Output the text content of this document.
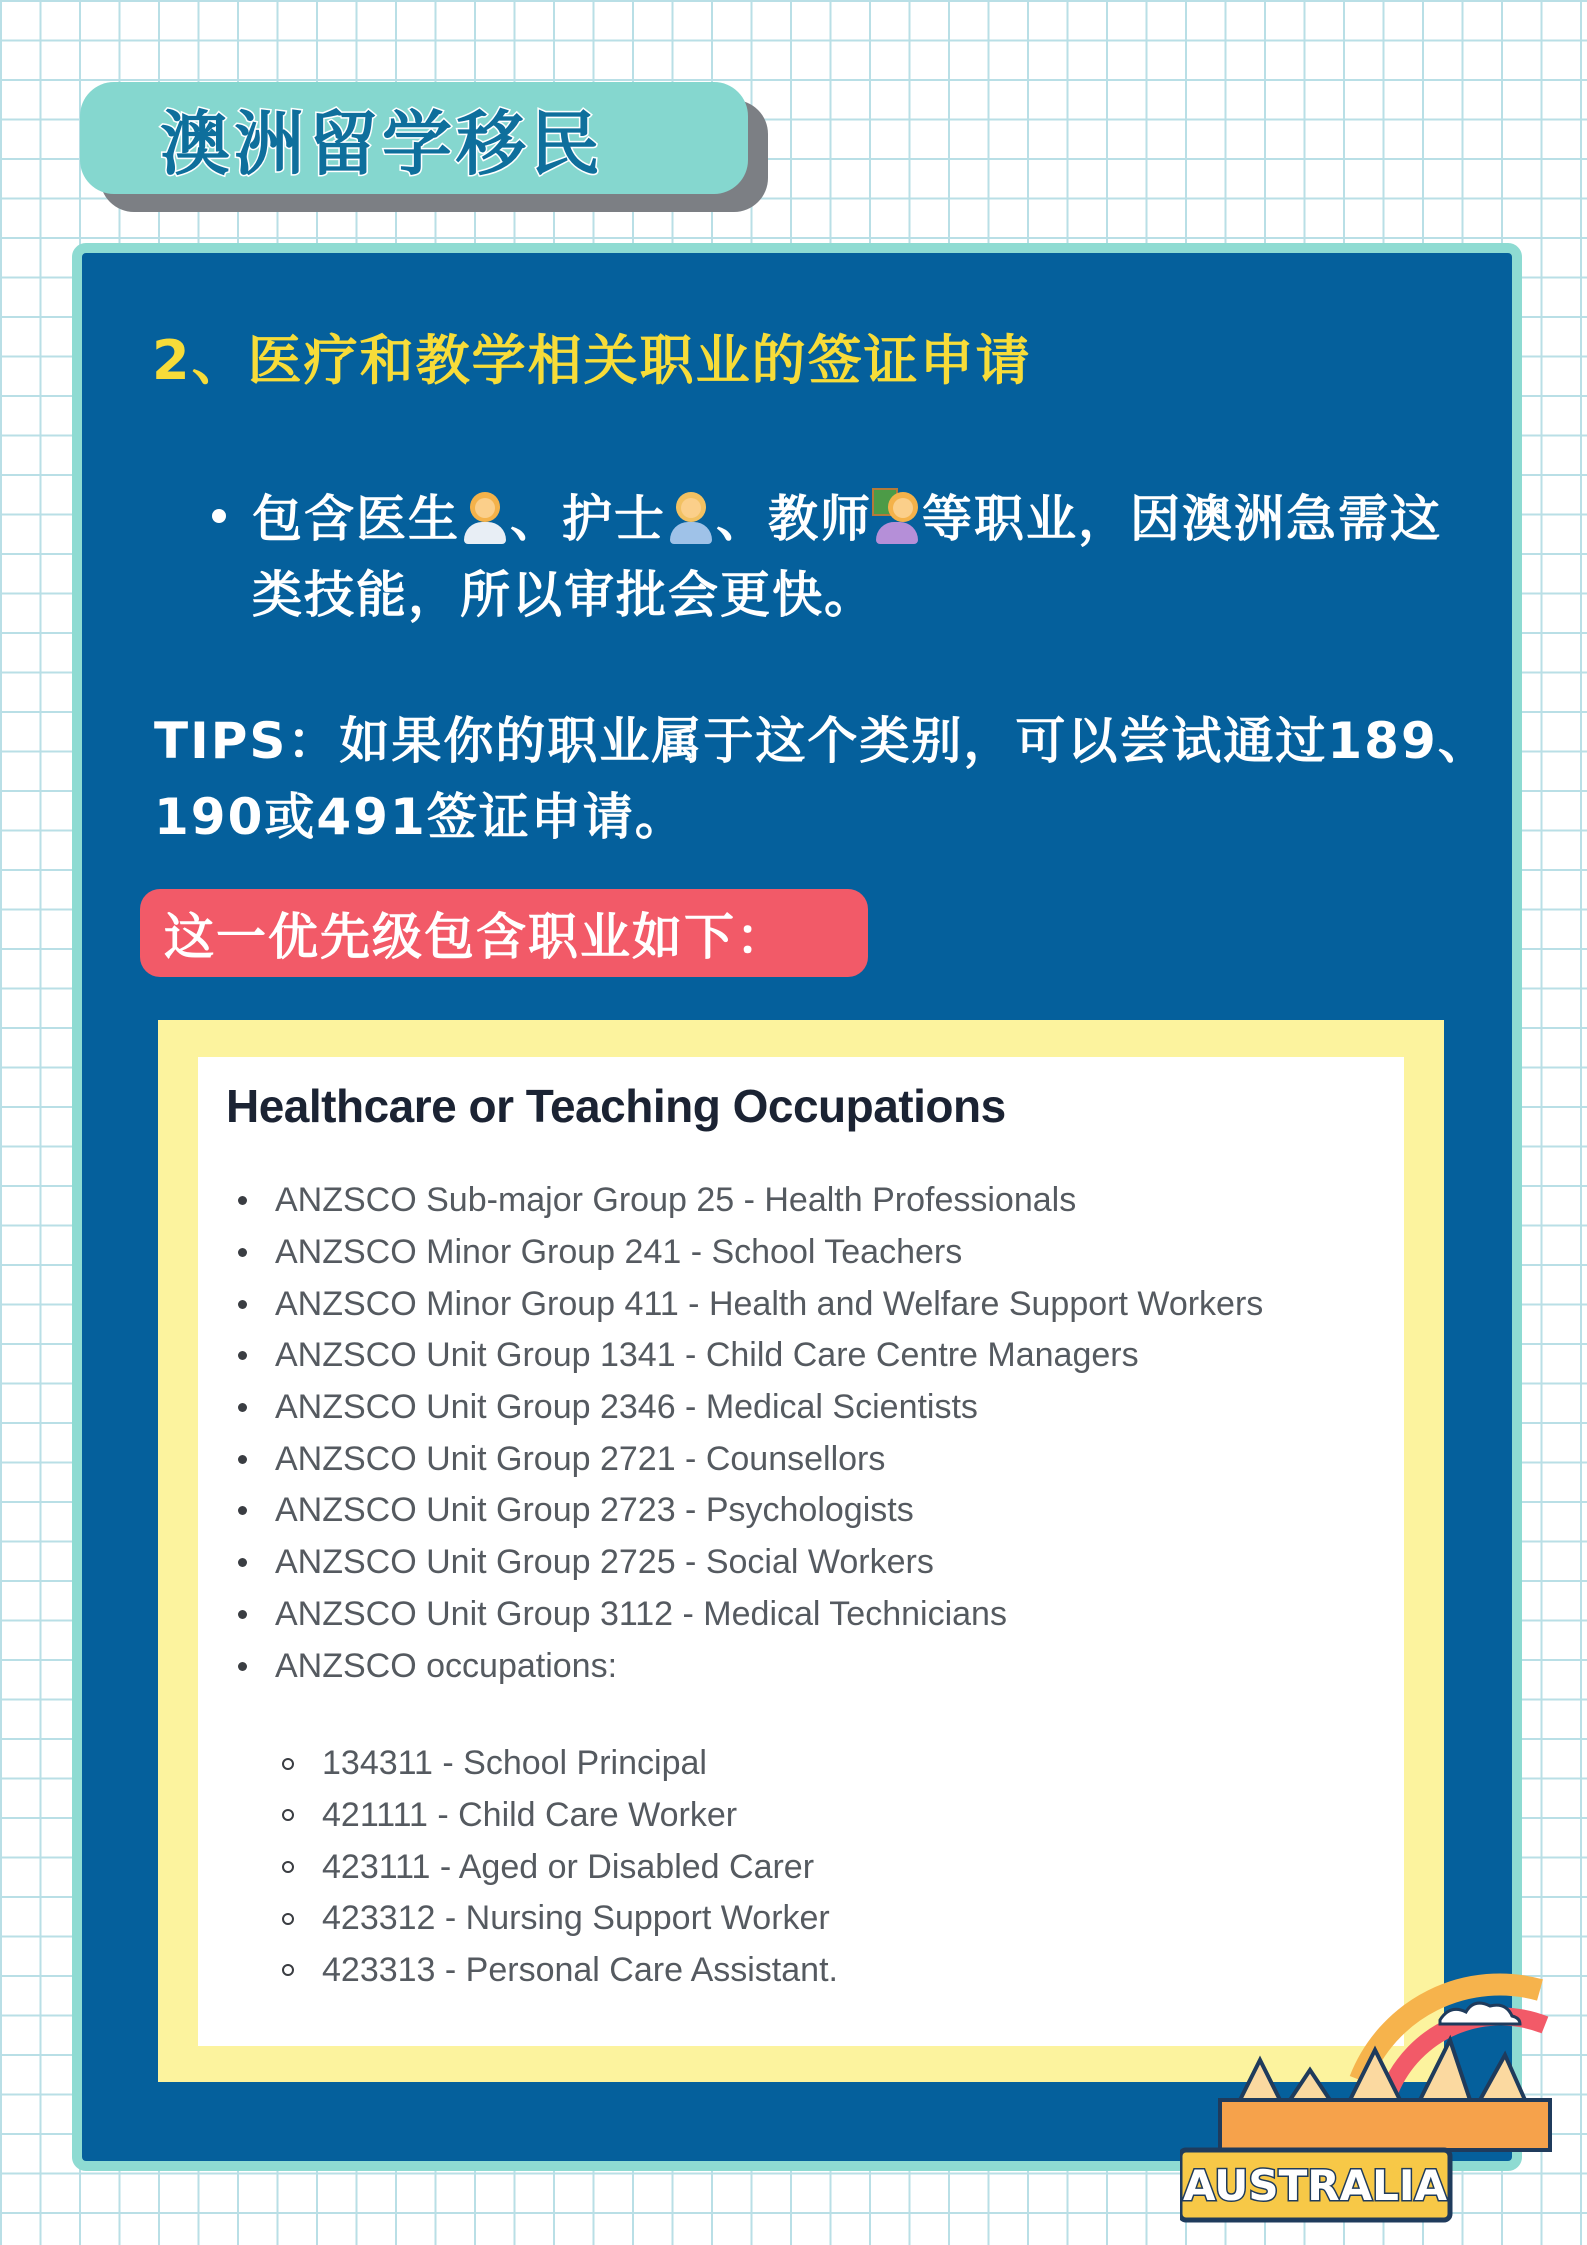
澳洲留学移民
2、医疗和教学相关职业的签证申请
包含医生 、护士 、教师 等职业，因澳洲急需这类技能，所以审批会更快。
TIPS：如果你的职业属于这个类别，可以尝试通过189、190或491签证申请。
这一优先级包含职业如下：
Healthcare or Teaching Occupations
ANZSCO Sub-major Group 25 - Health Professionals
ANZSCO Minor Group 241 - School Teachers
ANZSCO Minor Group 411 - Health and Welfare Support Workers
ANZSCO Unit Group 1341 - Child Care Centre Managers
ANZSCO Unit Group 2346 - Medical Scientists
ANZSCO Unit Group 2721 - Counsellors
ANZSCO Unit Group 2723 - Psychologists
ANZSCO Unit Group 2725 - Social Workers
ANZSCO Unit Group 3112 - Medical Technicians
ANZSCO occupations:
134311 - School Principal
421111 - Child Care Worker
423111 - Aged or Disabled Carer
423312 - Nursing Support Worker
423313 - Personal Care Assistant.
AUSTRALIA
